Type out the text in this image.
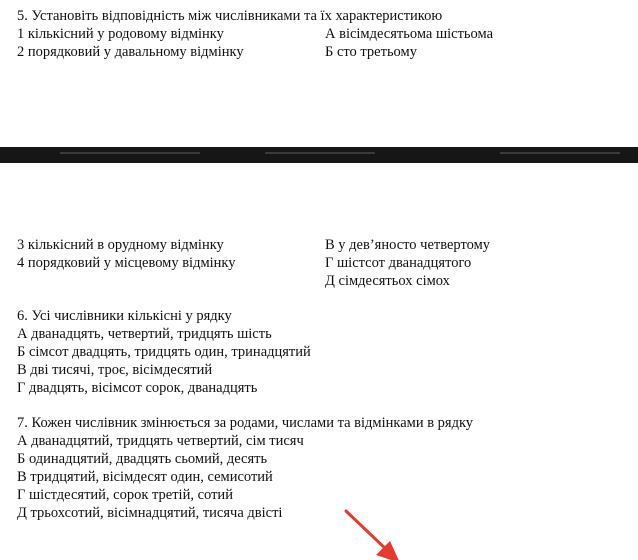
5. Установіть відповідність між числівниками та їх характеристикою
1 кількісний у родовому відмінку	А вісімдесятьома шістьома
2 порядковий у давальному відмінку	Б сто третьому
3 кількісний в орудному відмінку	В у дев’яносто четвертому
4 порядковий у місцевому відмінку	Г шістсот дванадцятого
Д сімдесятьох сімох
6. Усі числівники кількісні у рядку
А дванадцять, четвертий, тридцять шість
Б сімсот двадцять, тридцять один, тринадцятий
В дві тисячі, троє, вісімдесятий
Г двадцять, вісімсот сорок, дванадцять
7. Кожен числівник змінюється за родами, числами та відмінками в рядку
А дванадцятий, тридцять четвертий, сім тисяч
Б одинадцятий, двадцять сьомий, десять
В тридцятий, вісімдесят один, семисотий
Г шістдесятий, сорок третій, сотий
Д трьохсотий, вісімнадцятий, тисяча двісті
